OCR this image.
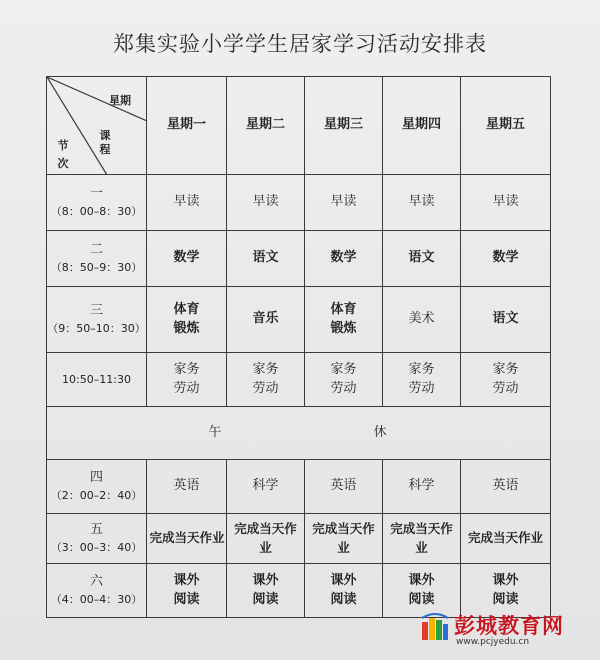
郑集实验小学学生居家学习活动安排表
星期
课程
节次	星期一	星期二	星期三	星期四	星期五

一
（8：00–8：30）	早读	早读	早读	早读	早读

二
（8：50–9：30）	数学	语文	数学	语文	数学

三
（9：50–10：30）	体育锻炼	音乐	体育锻炼	美术	语文

10:50–11:30	家务劳动	家务劳动	家务劳动	家务劳动	家务劳动

午 休					

四
（2：00–2：40）	英语	科学	英语	科学	英语

五
（3：00–3：40）	完成当天作业	完成当天作业	完成当天作业	完成当天作业	完成当天作业

六
（4：00–4：30）	课外阅读	课外阅读	课外阅读	课外阅读	课外阅读
彭城教育网
www.pcjyedu.cn
